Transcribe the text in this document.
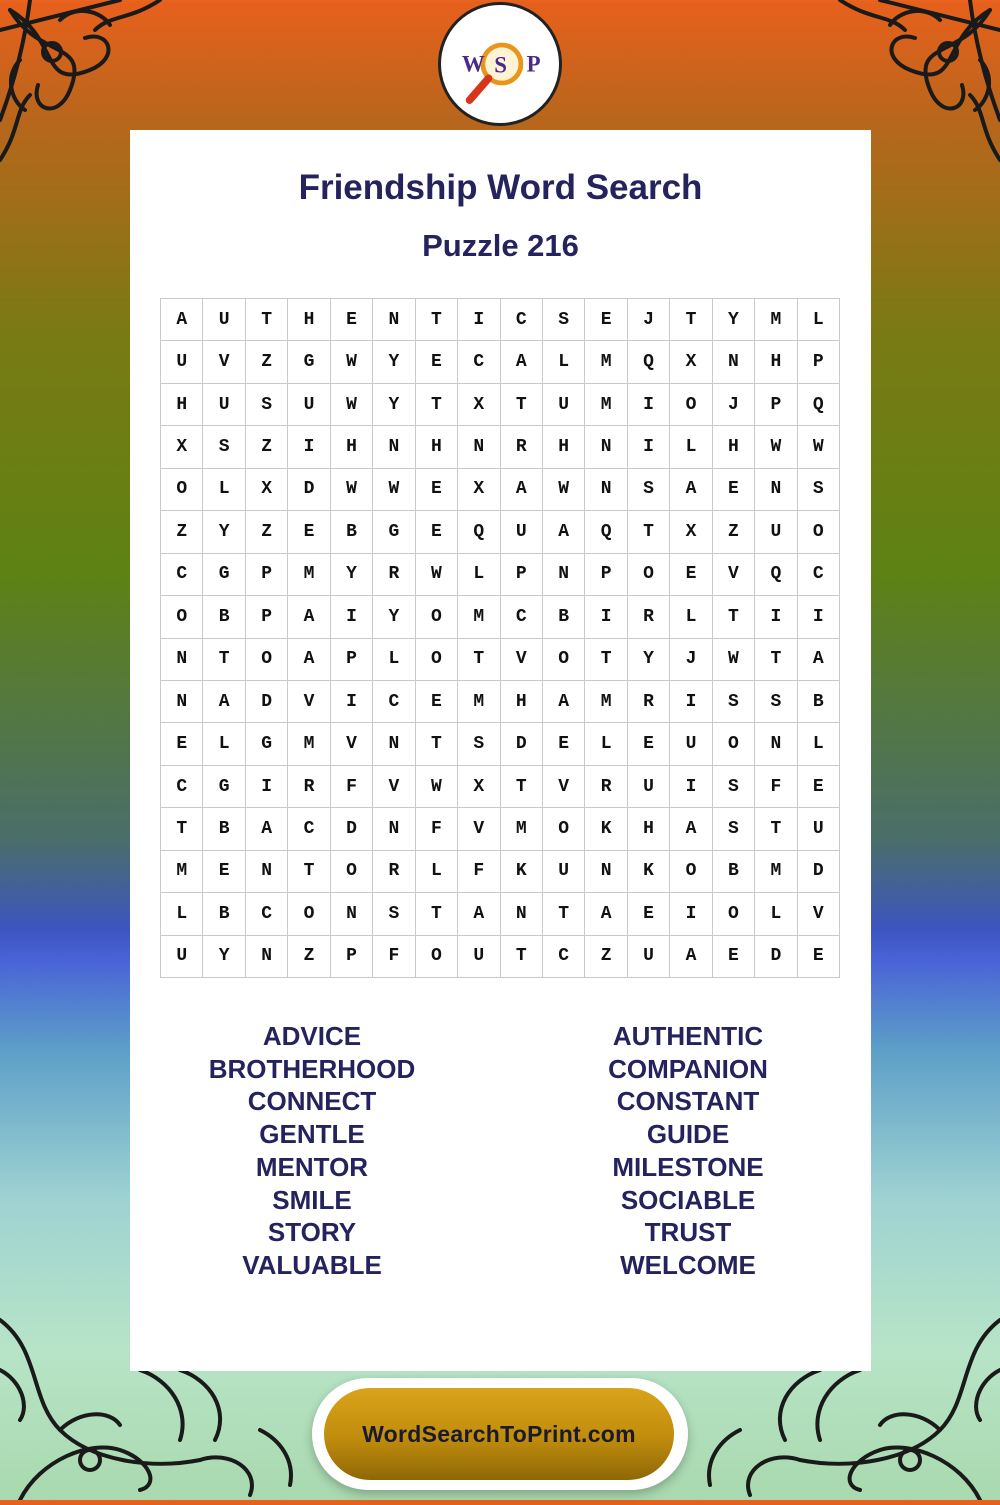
W S P
Friendship Word Search
Puzzle 216
A	U	T	H	E	N	T	I	C	S	E	J	T	Y	M	L
U	V	Z	G	W	Y	E	C	A	L	M	Q	X	N	H	P
H	U	S	U	W	Y	T	X	T	U	M	I	O	J	P	Q
X	S	Z	I	H	N	H	N	R	H	N	I	L	H	W	W
O	L	X	D	W	W	E	X	A	W	N	S	A	E	N	S
Z	Y	Z	E	B	G	E	Q	U	A	Q	T	X	Z	U	O
C	G	P	M	Y	R	W	L	P	N	P	O	E	V	Q	C
O	B	P	A	I	Y	O	M	C	B	I	R	L	T	I	I
N	T	O	A	P	L	O	T	V	O	T	Y	J	W	T	A
N	A	D	V	I	C	E	M	H	A	M	R	I	S	S	B
E	L	G	M	V	N	T	S	D	E	L	E	U	O	N	L
C	G	I	R	F	V	W	X	T	V	R	U	I	S	F	E
T	B	A	C	D	N	F	V	M	O	K	H	A	S	T	U
M	E	N	T	O	R	L	F	K	U	N	K	O	B	M	D
L	B	C	O	N	S	T	A	N	T	A	E	I	O	L	V
U	Y	N	Z	P	F	O	U	T	C	Z	U	A	E	D	E
ADVICE
BROTHERHOOD
CONNECT
GENTLE
MENTOR
SMILE
STORY
VALUABLE
AUTHENTIC
COMPANION
CONSTANT
GUIDE
MILESTONE
SOCIABLE
TRUST
WELCOME
WordSearchToPrint.com
